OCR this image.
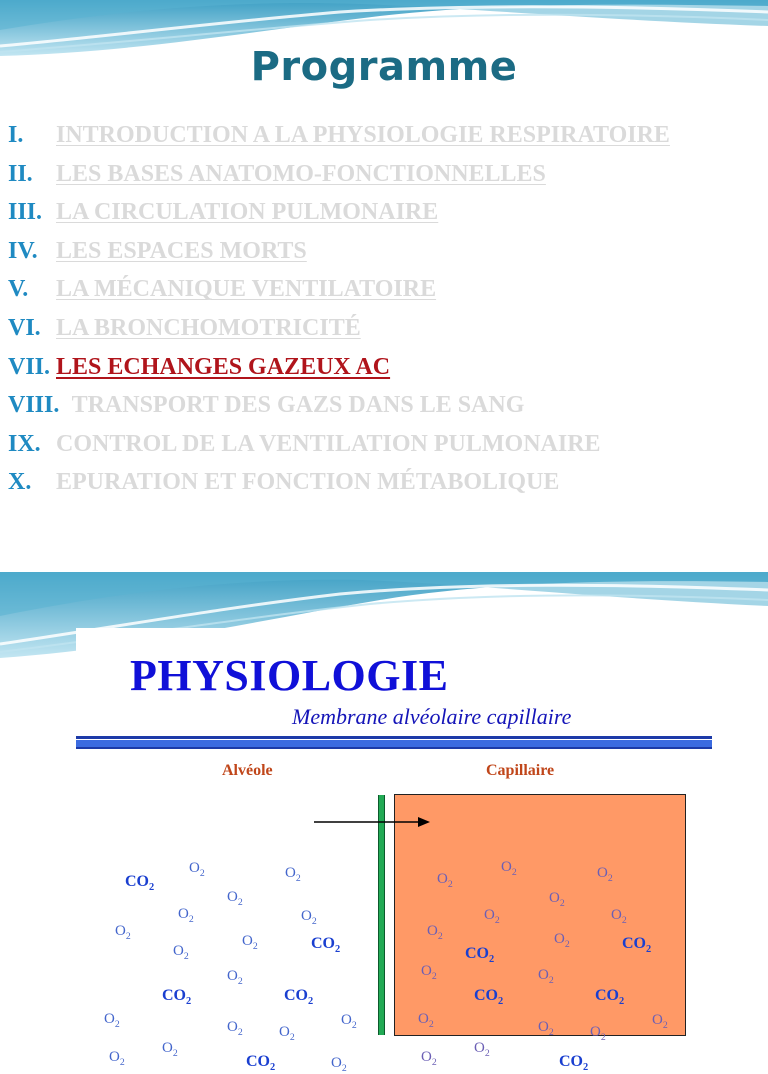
Programme
I. INTRODUCTION A LA PHYSIOLOGIE RESPIRATOIRE
II. LES BASES ANATOMO-FONCTIONNELLES
III. LA CIRCULATION PULMONAIRE
IV. LES ESPACES MORTS
V. LA MÉCANIQUE VENTILATOIRE
VI. LA BRONCHOMOTRICITÉ
VII. LES ECHANGES GAZEUX AC
VIII. TRANSPORT DES GAZS DANS LE SANG
IX. CONTROL DE LA VENTILATION PULMONAIRE
X. EPURATION ET FONCTION MÉTABOLIQUE
PHYSIOLOGIE
Membrane alvéolaire capillaire
Alvéole	Capillaire
$CO_2$
$O_2$	$O_2$	$O_2$
$O_2$	$O_2$
$O_2$
$O_2$	$O_2$
$O_2$
$O_2$	$O_2$
$O_2$
$O_2$
$O_2$	$CO_2$
$O_2$	$O_2$	$CO_2$
$O_2$
$CO_2$
$O_2$	$O_2$
$CO_2$	$CO_2$	$CO_2$	$CO_2$
$O_2$	$O_2$ $O_2$
$O_2$	$O_2$	$O_2$ $O_2$
$O_2$
$O_2$
$O_2$	$CO_2$	$O_2$
$O_2$
$O_2$	$CO_2$
